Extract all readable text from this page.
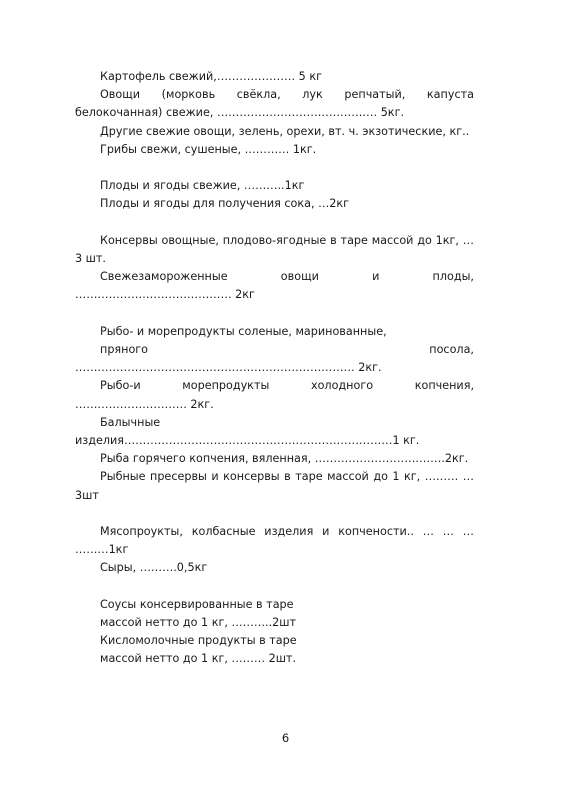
Картофель свежий,………………… 5 кг
Овощи (морковь свёкла, лук репчатый, капуста белокочанная) свежие, ………………………………….… 5кг.
Другие свежие овощи, зелень, орехи, вт. ч. экзотические, кг..
Грибы свежи, сушеные, ………… 1кг.
Плоды и ягоды свежие, ………..1кг
Плоды и ягоды для получения сока, …2кг
Консервы овощные, плодово-ягодные в таре массой до 1кг, …3 шт.
Свежезамороженные овощи и плоды, …………………………………… 2кг
Рыбо- и морепродукты соленые, маринованные,
пряного посола, ………………………………………………………………… 2кг.
Рыбо-и морепродукты холодного копчения, ………………………… 2кг.
Балычные изделия………………………………………………………………1 кг.
Рыба горячего копчения, вяленная, ……………………….…….2кг.
Рыбные пресервы и консервы в таре массой до 1 кг, ……… … 3шт
Мясопроукты, колбасные изделия и копчености.. … … … ………1кг
Сыры, ……….0,5кг
Соусы консервированные в таре
массой нетто до 1 кг, ………..2шт
Кисломолочные продукты в таре
массой нетто до 1 кг, ……… 2шт.
6
